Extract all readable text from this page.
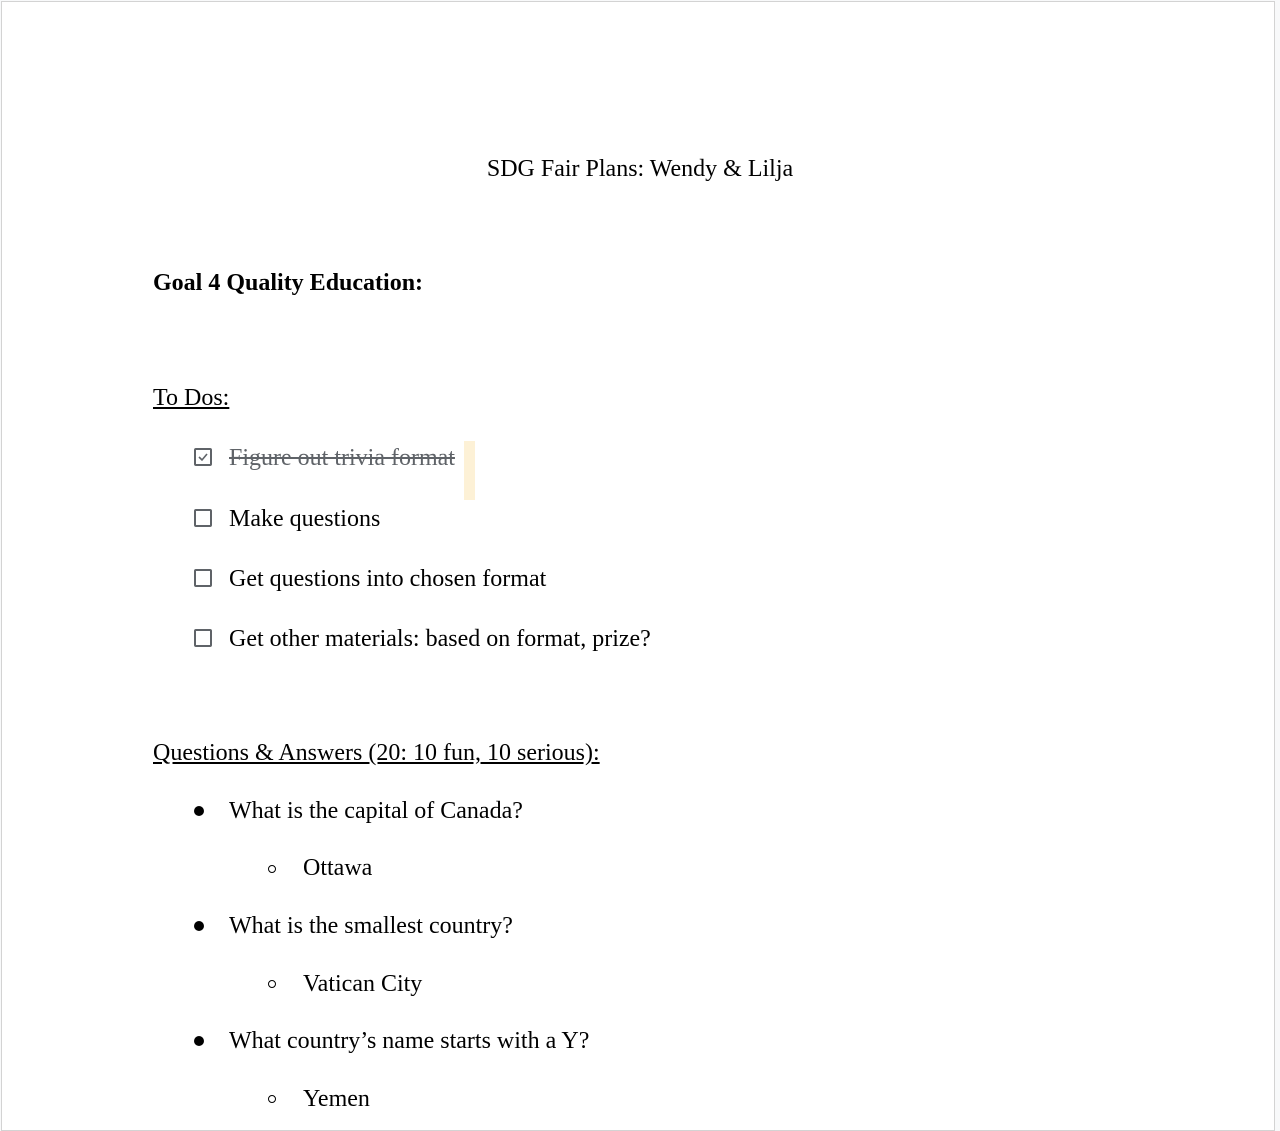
SDG Fair Plans: Wendy & Lilja
Goal 4 Quality Education:
To Dos:
Figure out trivia format
Make questions
Get questions into chosen format
Get other materials: based on format, prize?
Questions & Answers (20: 10 fun, 10 serious):
What is the capital of Canada?
Ottawa
What is the smallest country?
Vatican City
What country’s name starts with a Y?
Yemen
